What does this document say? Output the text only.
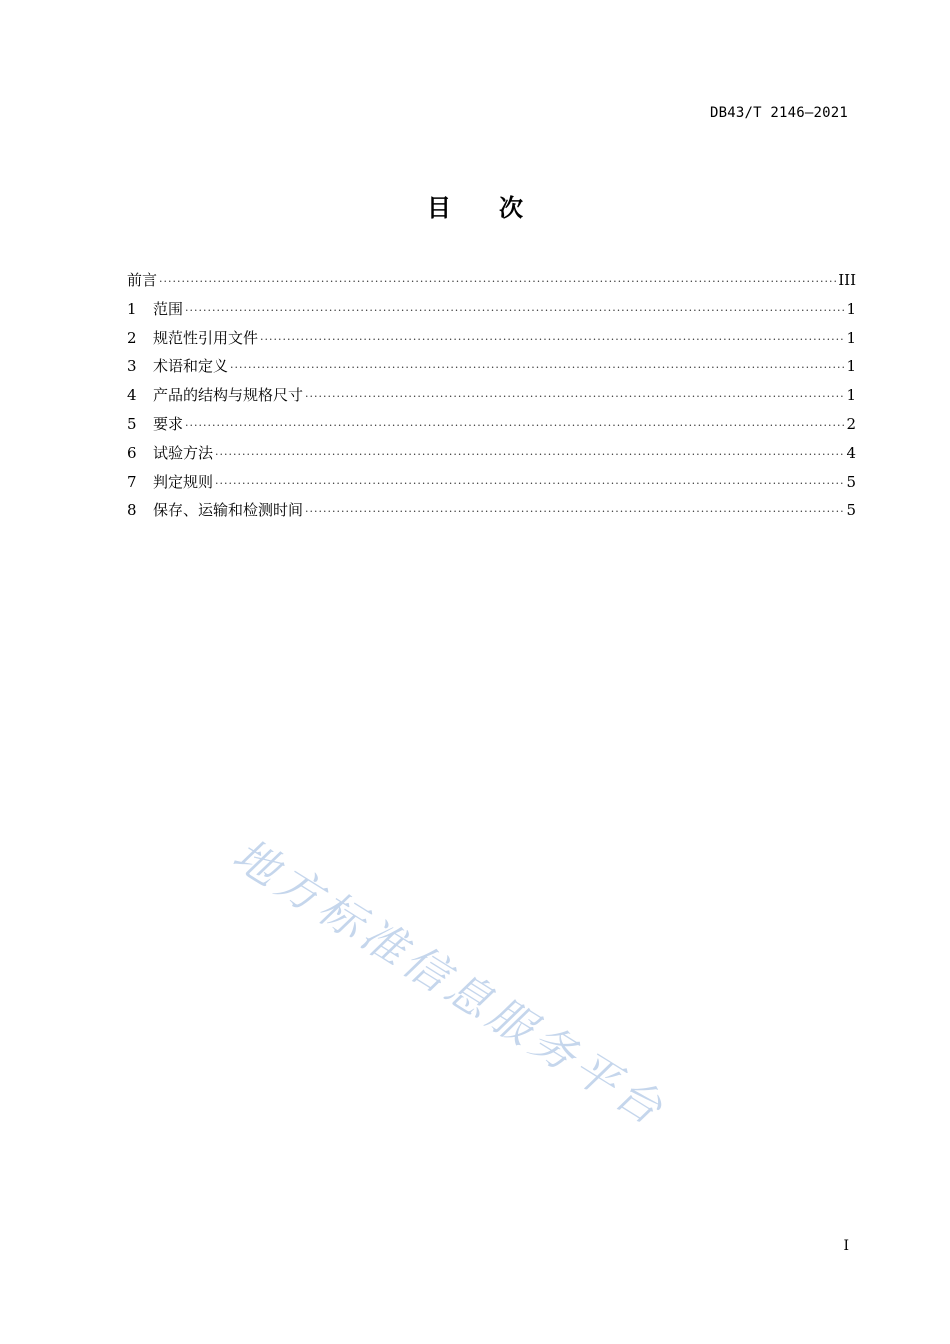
DB43/T 2146—2021
目 次
前言 ·····	III
1	范围 ·····	1
2	规范性引用文件 ·····	1
3	术语和定义 ·····	1
4	产品的结构与规格尺寸 ·····	1
5	要求 ·····	2
6	试验方法 ·····	4
7	判定规则 ·····	5
8	保存、运输和检测时间 ·····	5
地方标准信息服务平台
I
